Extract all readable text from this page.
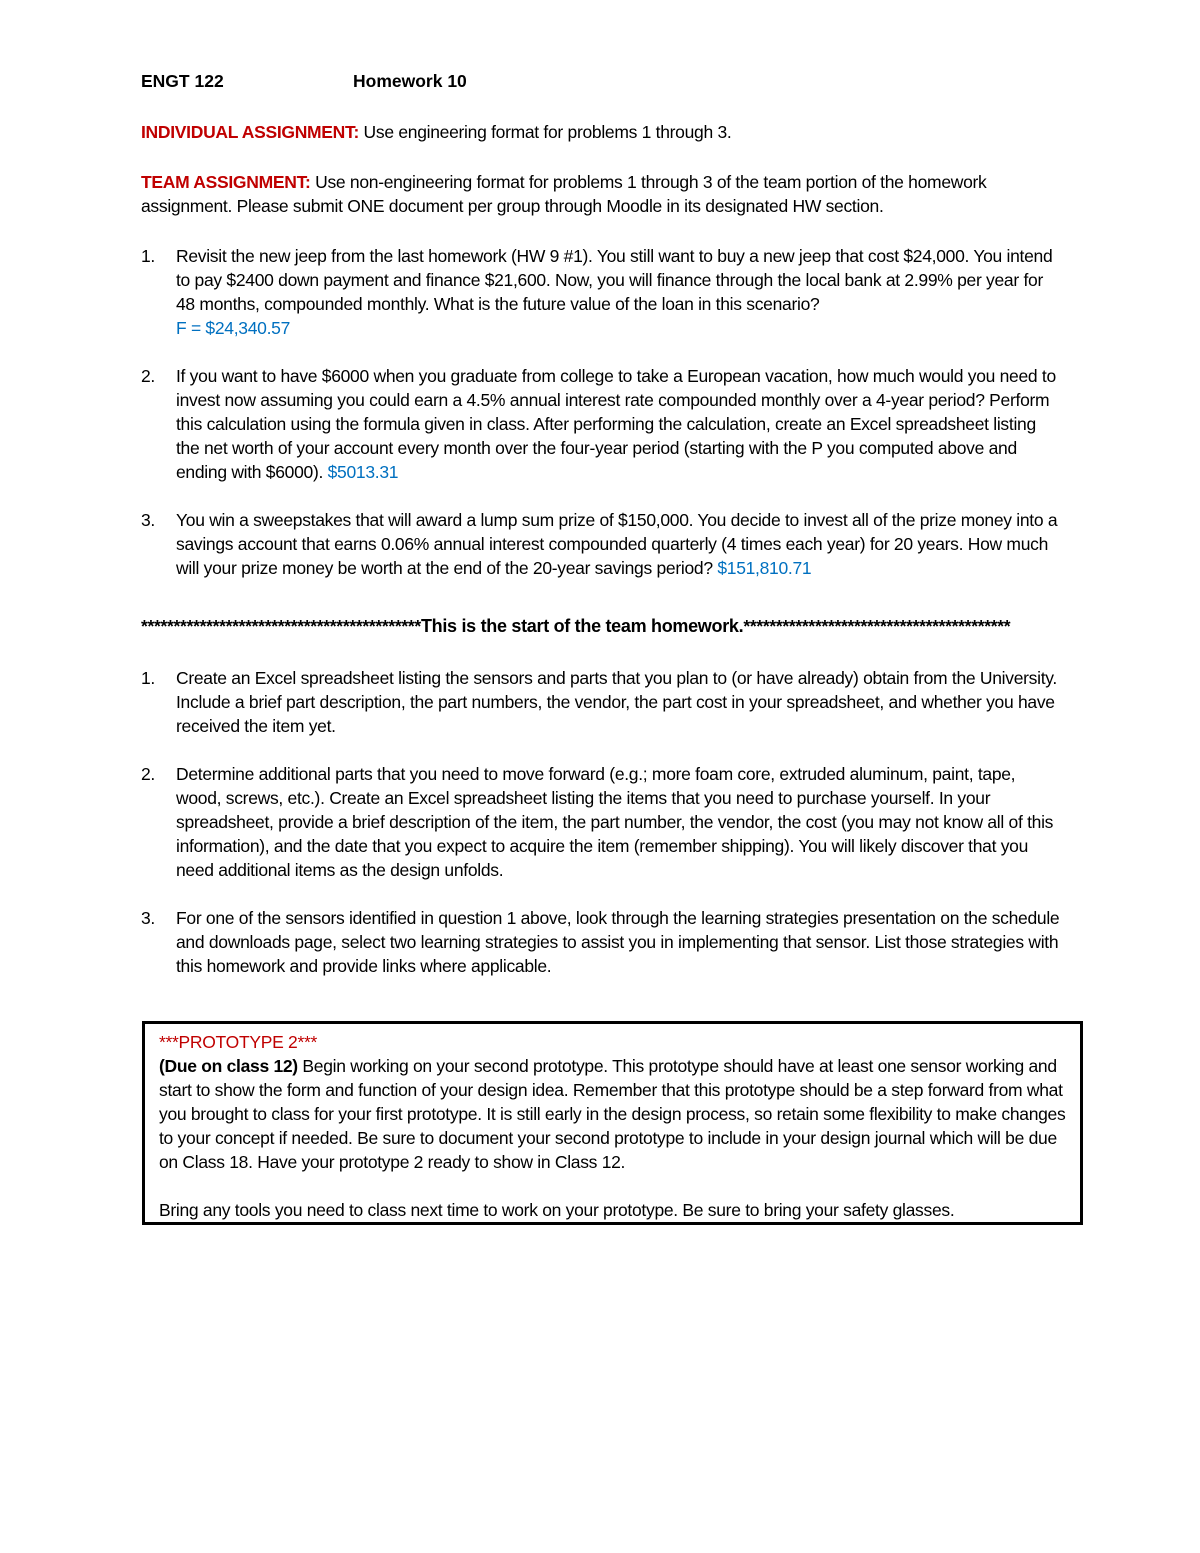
ENGT 122	Homework 10
INDIVIDUAL ASSIGNMENT: Use engineering format for problems 1 through 3.
TEAM ASSIGNMENT: Use non-engineering format for problems 1 through 3 of the team portion of the homework assignment. Please submit ONE document per group through Moodle in its designated HW section.
1. Revisit the new jeep from the last homework (HW 9 #1). You still want to buy a new jeep that cost $24,000. You intend to pay $2400 down payment and finance $21,600. Now, you will finance through the local bank at 2.99% per year for 48 months, compounded monthly. What is the future value of the loan in this scenario?
F = $24,340.57
2. If you want to have $6000 when you graduate from college to take a European vacation, how much would you need to invest now assuming you could earn a 4.5% annual interest rate compounded monthly over a 4-year period? Perform this calculation using the formula given in class. After performing the calculation, create an Excel spreadsheet listing the net worth of your account every month over the four-year period (starting with the P you computed above and ending with $6000). $5013.31
3. You win a sweepstakes that will award a lump sum prize of $150,000. You decide to invest all of the prize money into a savings account that earns 0.06% annual interest compounded quarterly (4 times each year) for 20 years. How much will your prize money be worth at the end of the 20-year savings period? $151,810.71
*******************************************This is the start of the team homework.*****************************************
1. Create an Excel spreadsheet listing the sensors and parts that you plan to (or have already) obtain from the University. Include a brief part description, the part numbers, the vendor, the part cost in your spreadsheet, and whether you have received the item yet.
2. Determine additional parts that you need to move forward (e.g.; more foam core, extruded aluminum, paint, tape, wood, screws, etc.). Create an Excel spreadsheet listing the items that you need to purchase yourself. In your spreadsheet, provide a brief description of the item, the part number, the vendor, the cost (you may not know all of this information), and the date that you expect to acquire the item (remember shipping). You will likely discover that you need additional items as the design unfolds.
3. For one of the sensors identified in question 1 above, look through the learning strategies presentation on the schedule and downloads page, select two learning strategies to assist you in implementing that sensor. List those strategies with this homework and provide links where applicable.

***PROTOTYPE 2***

(Due on class 12) Begin working on your second prototype. This prototype should have at least one sensor working and start to show the form and function of your design idea. Remember that this prototype should be a step forward from what you brought to class for your first prototype. It is still early in the design process, so retain some flexibility to make changes to your concept if needed. Be sure to document your second prototype to include in your design journal which will be due on Class 18. Have your prototype 2 ready to show in Class 12.

Bring any tools you need to class next time to work on your prototype. Be sure to bring your safety glasses.
